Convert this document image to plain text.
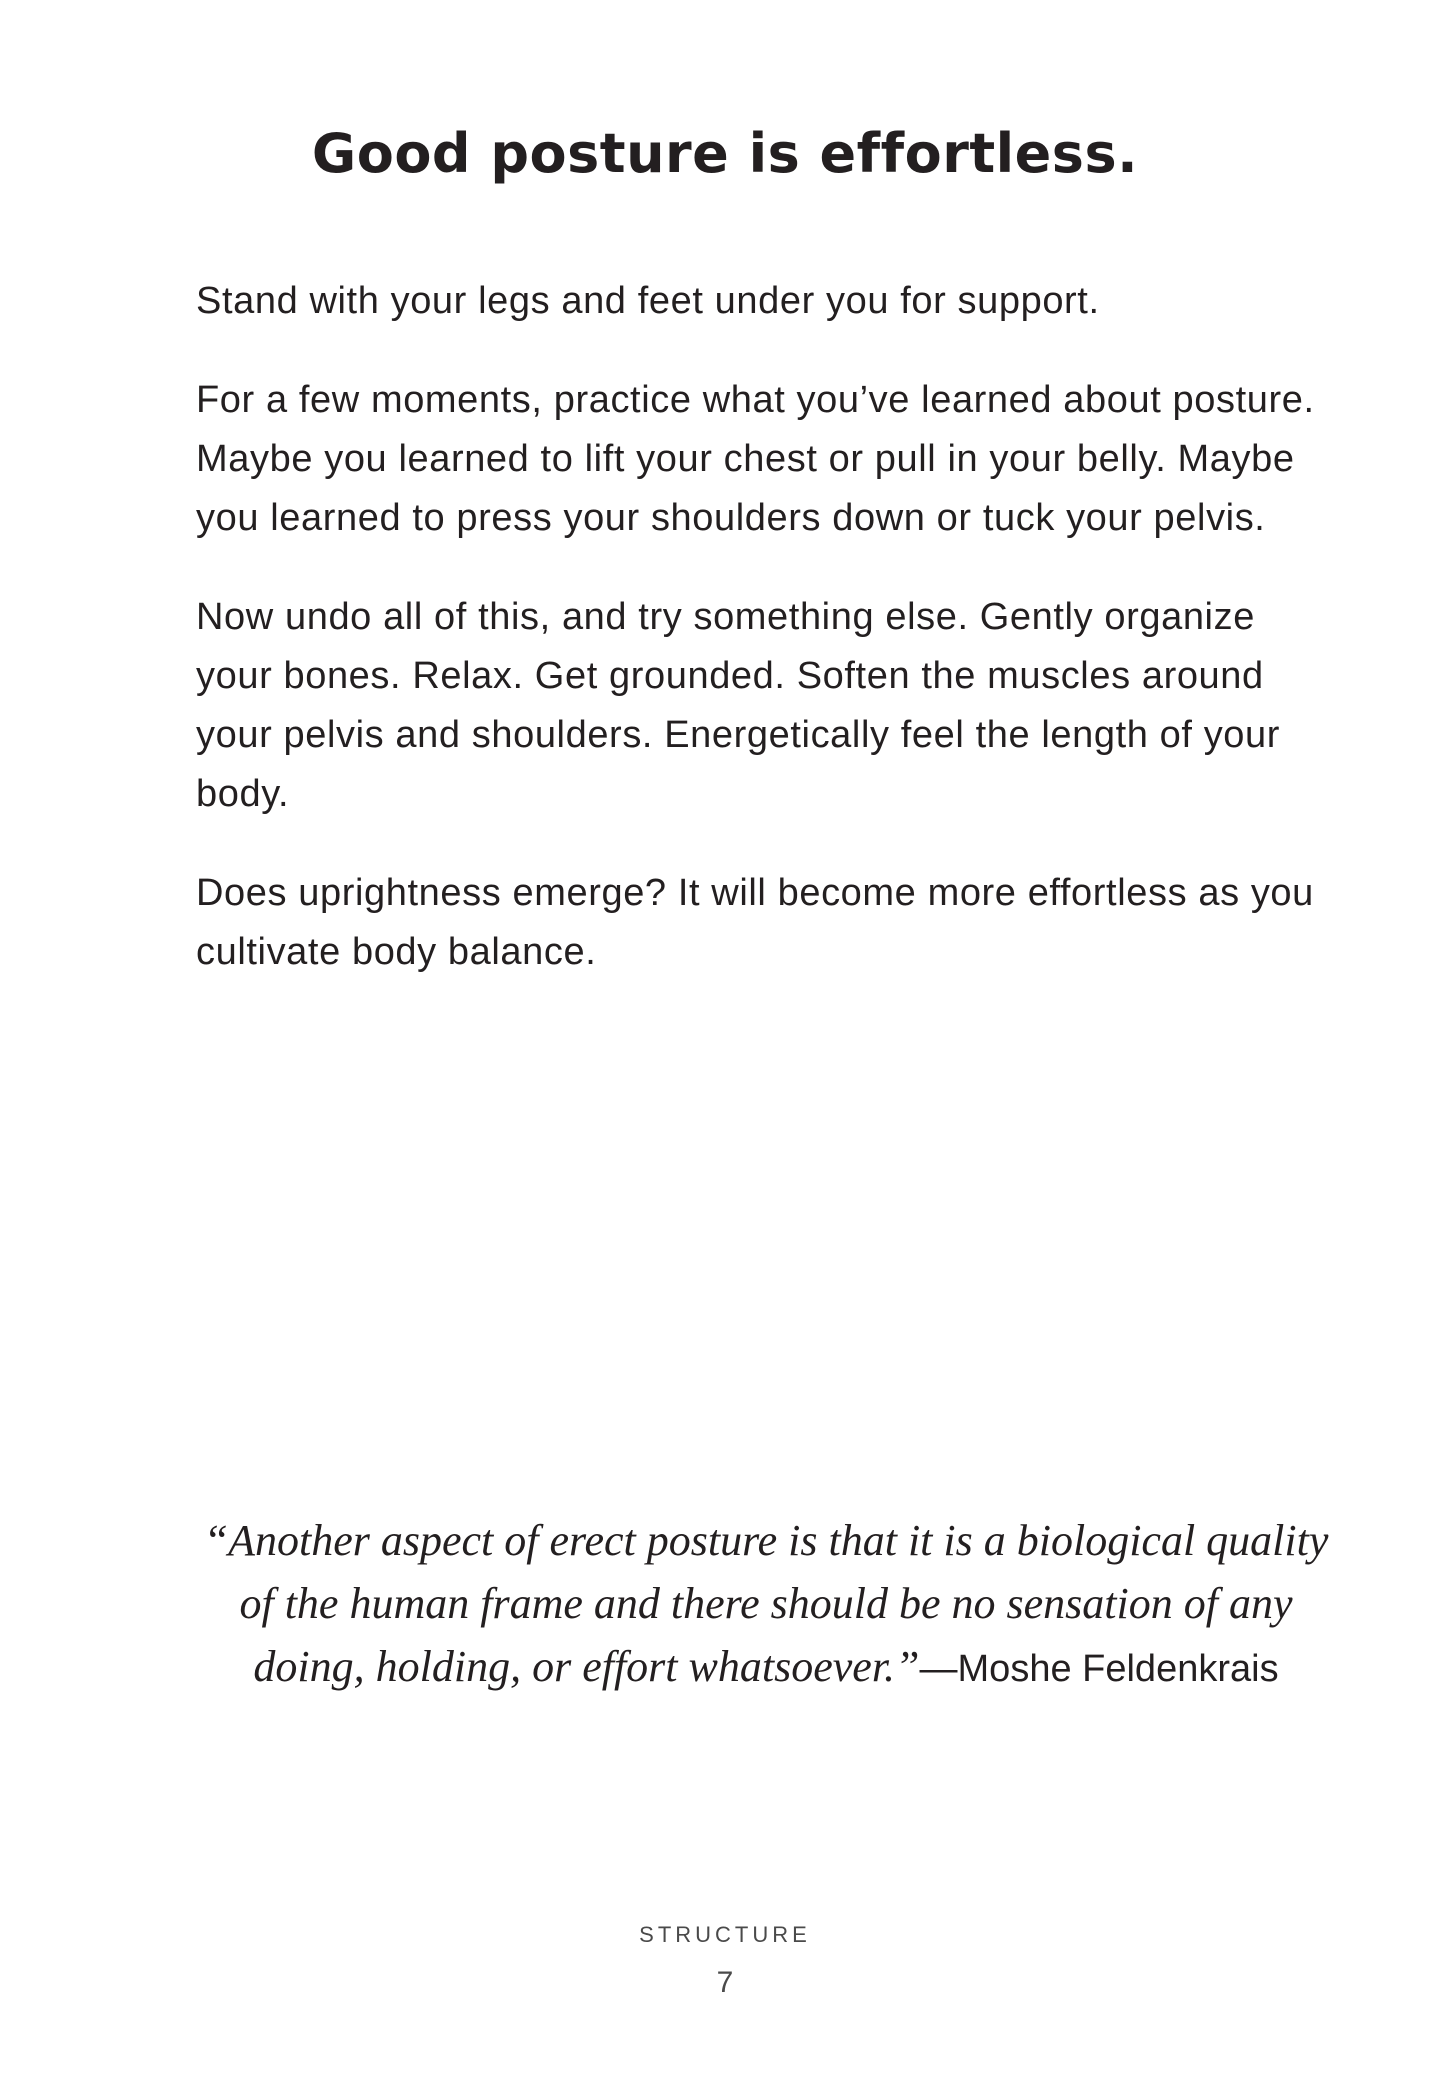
Good posture is effortless.

Stand with your legs and feet under you for support.

For a few moments, practice what you’ve learned about posture. Maybe you learned to lift your chest or pull in your belly. Maybe you learned to press your shoulders down or tuck your pelvis.

Now undo all of this, and try something else. Gently organize your bones. Relax. Get grounded. Soften the muscles around your pelvis and shoulders. Energetically feel the length of your body.

Does uprightness emerge? It will become more effortless as you cultivate body balance.

“Another aspect of erect posture is that it is a biological quality of the human frame and there should be no sensation of any doing, holding, or effort whatsoever.”—Moshe Feldenkrais
STRUCTURE
7
